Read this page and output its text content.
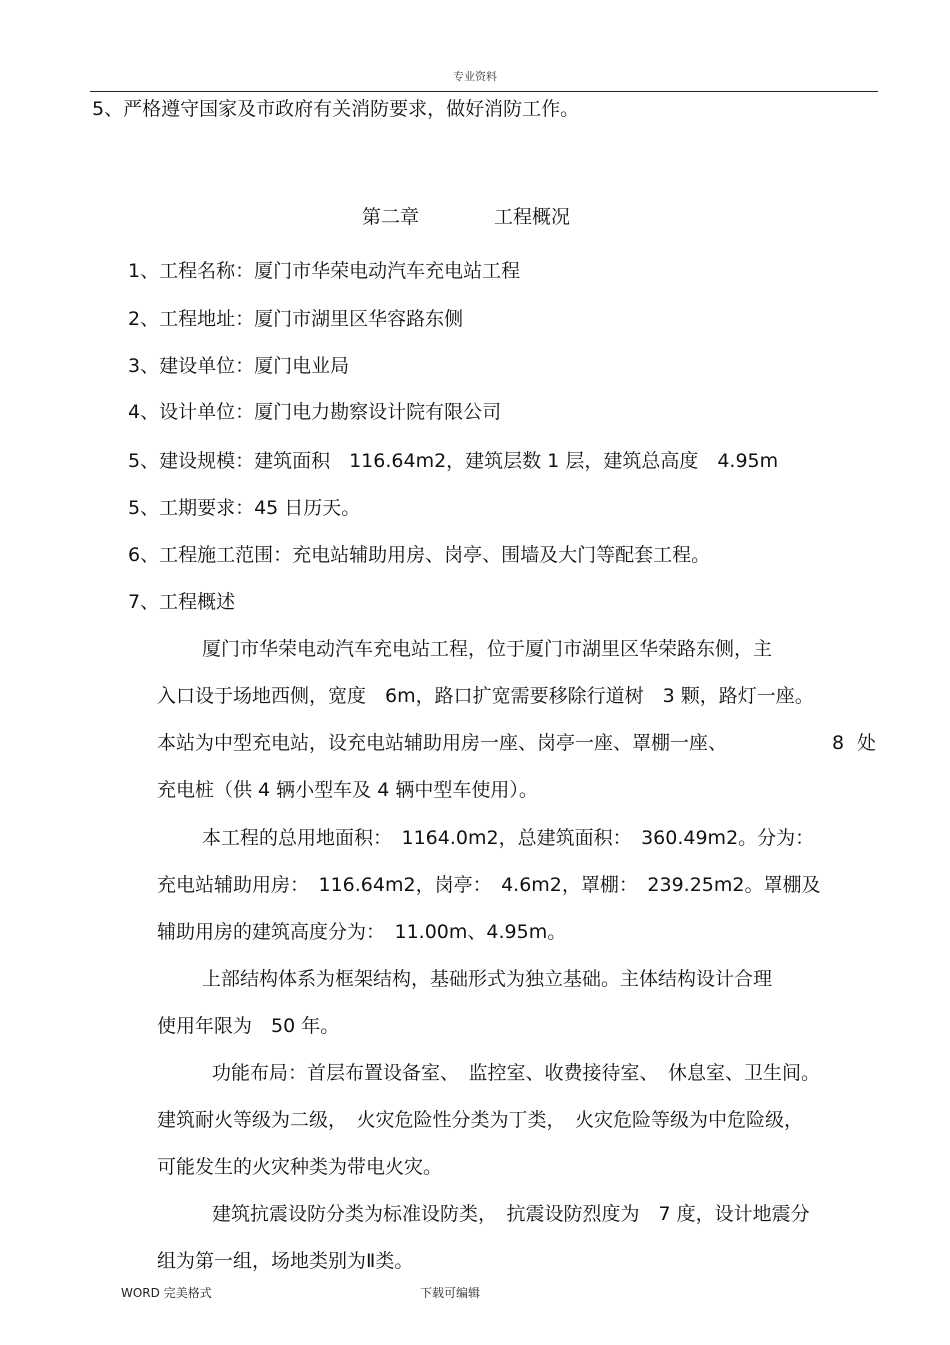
专业资料
5、严格遵守国家及市政府有关消防要求，做好消防工作。
第二章	工程概况
1、工程名称：厦门市华荣电动汽车充电站工程
2、工程地址：厦门市湖里区华容路东侧
3、建设单位：厦门电业局
4、设计单位：厦门电力勘察设计院有限公司
5、建设规模：建筑面积　116.64m2，建筑层数 1 层，建筑总高度　4.95m
5、工期要求：45 日历天。
6、工程施工范围：充电站辅助用房、岗亭、围墙及大门等配套工程。
7、工程概述
厦门市华荣电动汽车充电站工程，位于厦门市湖里区华荣路东侧，主
入口设于场地西侧，宽度　6m，路口扩宽需要移除行道树　3 颗，路灯一座。
本站为中型充电站，设充电站辅助用房一座、岗亭一座、罩棚一座、	8 处
充电桩（供 4 辆小型车及 4 辆中型车使用）。
本工程的总用地面积：　1164.0m2，总建筑面积：　360.49m2。分为：
充电站辅助用房：　116.64m2，岗亭：　4.6m2，罩棚：　239.25m2。罩棚及
辅助用房的建筑高度分为：　11.00m、4.95m。
上部结构体系为框架结构，基础形式为独立基础。主体结构设计合理
使用年限为　50 年。
功能布局：首层布置设备室、　监控室、收费接待室、　休息室、卫生间。
建筑耐火等级为二级，　火灾危险性分类为丁类，　火灾危险等级为中危险级，
可能发生的火灾种类为带电火灾。
建筑抗震设防分类为标准设防类，　抗震设防烈度为　7 度，设计地震分
组为第一组，场地类别为Ⅱ类。
WORD 完美格式	下载可编辑
